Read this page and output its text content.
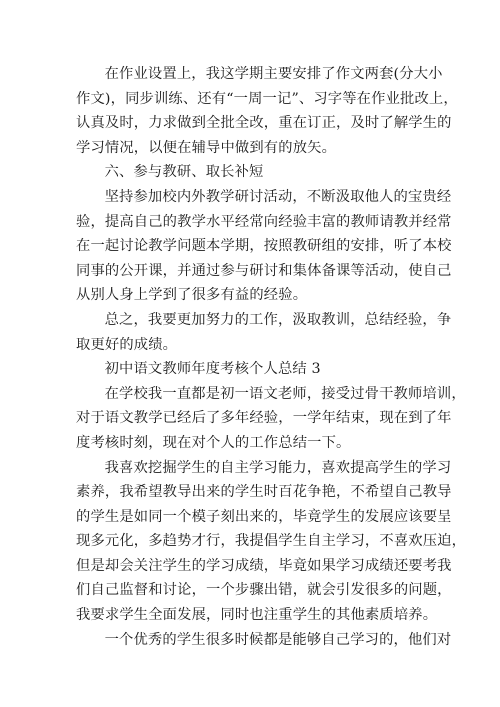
在作业设置上，我这学期主要安排了作文两套(分大小
作文)，同步训练、还有“一周一记”、习字等在作业批改上，
认真及时，力求做到全批全改，重在订正，及时了解学生的
学习情况，以便在辅导中做到有的放矢。
六、参与教研、取长补短
坚持参加校内外教学研讨活动，不断汲取他人的宝贵经
验，提高自己的教学水平经常向经验丰富的教师请教并经常
在一起讨论教学问题本学期，按照教研组的安排，听了本校
同事的公开课，并通过参与研讨和集体备课等活动，使自己
从别人身上学到了很多有益的经验。
总之，我要更加努力的工作，汲取教训，总结经验，争
取更好的成绩。
初中语文教师年度考核个人总结 3
在学校我一直都是初一语文老师，接受过骨干教师培训，
对于语文教学已经后了多年经验，一学年结束，现在到了年
度考核时刻，现在对个人的工作总结一下。
我喜欢挖掘学生的自主学习能力，喜欢提高学生的学习
素养，我希望教导出来的学生时百花争艳，不希望自己教导
的学生是如同一个模子刻出来的，毕竟学生的发展应该要呈
现多元化，多趋势才行，我提倡学生自主学习，不喜欢压迫，
但是却会关注学生的学习成绩，毕竟如果学习成绩还要考我
们自己监督和讨论，一个步骤出错，就会引发很多的问题，
我要求学生全面发展，同时也注重学生的其他素质培养。
一个优秀的学生很多时候都是能够自己学习的，他们对
